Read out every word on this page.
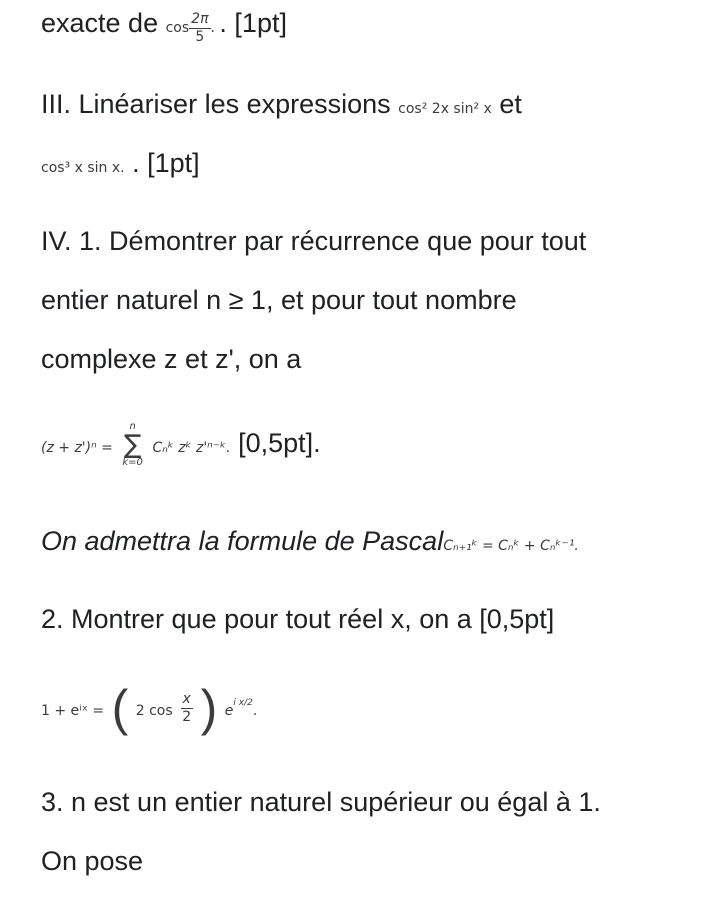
exacte de $\cos \frac{2\pi}{5}$ . . [1pt]
III. Linéariser les expressions cos² 2x sin² x et
cos³ x sin x. . [1pt]
IV. 1. Démontrer par récurrence que pour tout
entier naturel n ≥ 1, et pour tout nombre
complexe z et z', on a
(z + z')ⁿ =
n
∑
k=0
Cₙᵏ zᵏ z'ⁿ⁻ᵏ. [0,5pt].
On admettra la formule de PascalCₙ₊₁ᵏ = Cₙᵏ + Cₙᵏ⁻¹.
2. Montrer que pour tout réel x, on a [0,5pt]
1 + eⁱˣ = ( 2 $\cos \frac{x}{2}$ ) $e^{i x/2}$.
3. n est un entier naturel supérieur ou égal à 1.
On pose
